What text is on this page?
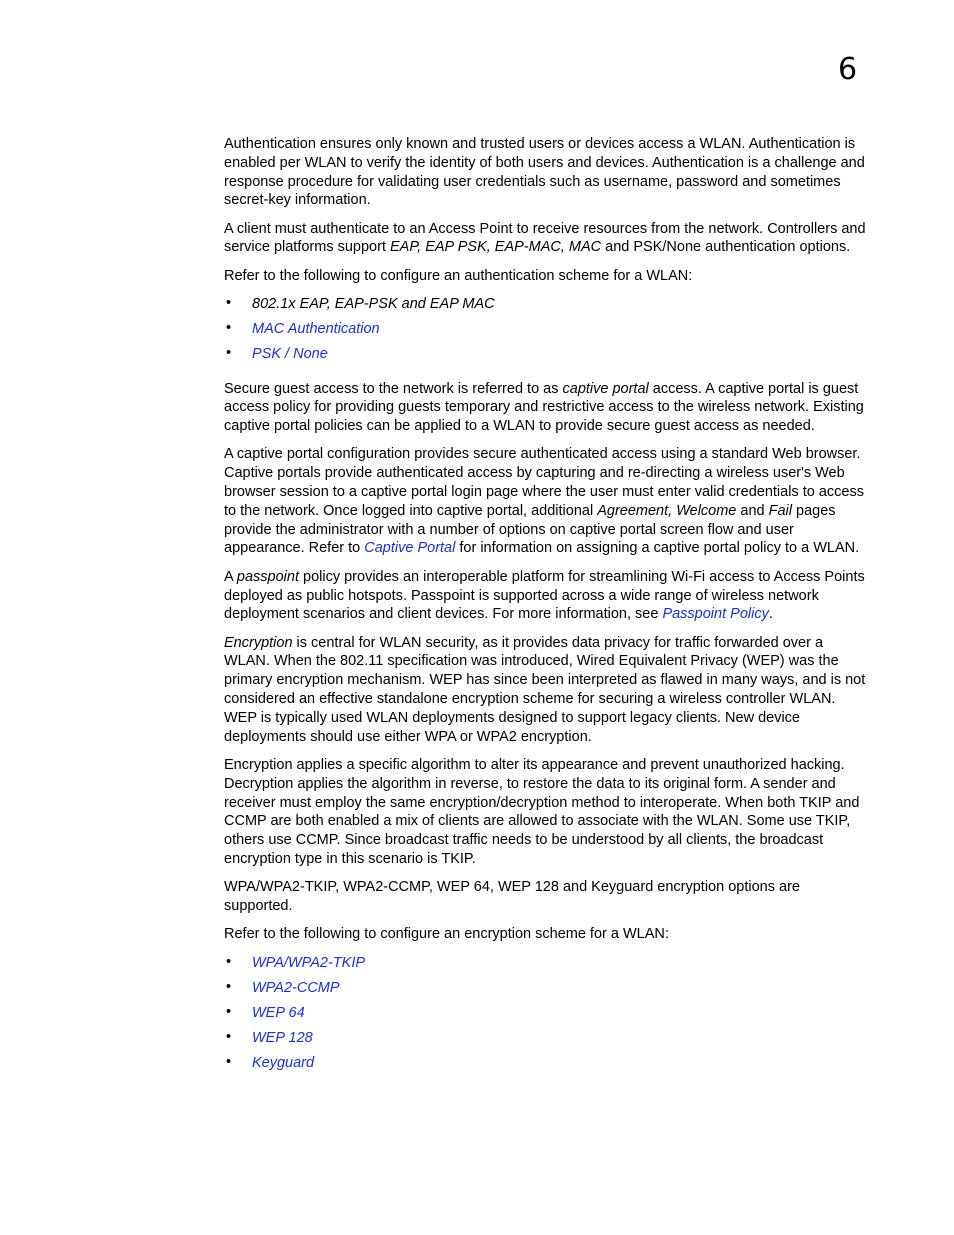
6

Authentication ensures only known and trusted users or devices access a WLAN. Authentication is enabled per WLAN to verify the identity of both users and devices. Authentication is a challenge and response procedure for validating user credentials such as username, password and sometimes secret-key information.

A client must authenticate to an Access Point to receive resources from the network. Controllers and service platforms support EAP, EAP PSK, EAP-MAC, MAC and PSK/None authentication options.

Refer to the following to configure an authentication scheme for a WLAN:

• 802.1x EAP, EAP-PSK and EAP MAC
• MAC Authentication
• PSK / None

Secure guest access to the network is referred to as captive portal access. A captive portal is guest access policy for providing guests temporary and restrictive access to the wireless network. Existing captive portal policies can be applied to a WLAN to provide secure guest access as needed.

A captive portal configuration provides secure authenticated access using a standard Web browser. Captive portals provide authenticated access by capturing and re-directing a wireless user's Web browser session to a captive portal login page where the user must enter valid credentials to access to the network. Once logged into captive portal, additional Agreement, Welcome and Fail pages provide the administrator with a number of options on captive portal screen flow and user appearance. Refer to Captive Portal for information on assigning a captive portal policy to a WLAN.

A passpoint policy provides an interoperable platform for streamlining Wi-Fi access to Access Points deployed as public hotspots. Passpoint is supported across a wide range of wireless network deployment scenarios and client devices. For more information, see Passpoint Policy.

Encryption is central for WLAN security, as it provides data privacy for traffic forwarded over a WLAN. When the 802.11 specification was introduced, Wired Equivalent Privacy (WEP) was the primary encryption mechanism. WEP has since been interpreted as flawed in many ways, and is not considered an effective standalone encryption scheme for securing a wireless controller WLAN. WEP is typically used WLAN deployments designed to support legacy clients. New device deployments should use either WPA or WPA2 encryption.

Encryption applies a specific algorithm to alter its appearance and prevent unauthorized hacking. Decryption applies the algorithm in reverse, to restore the data to its original form. A sender and receiver must employ the same encryption/decryption method to interoperate. When both TKIP and CCMP are both enabled a mix of clients are allowed to associate with the WLAN. Some use TKIP, others use CCMP. Since broadcast traffic needs to be understood by all clients, the broadcast encryption type in this scenario is TKIP.

WPA/WPA2-TKIP, WPA2-CCMP, WEP 64, WEP 128 and Keyguard encryption options are supported.

Refer to the following to configure an encryption scheme for a WLAN:

• WPA/WPA2-TKIP
• WPA2-CCMP
• WEP 64
• WEP 128
• Keyguard
